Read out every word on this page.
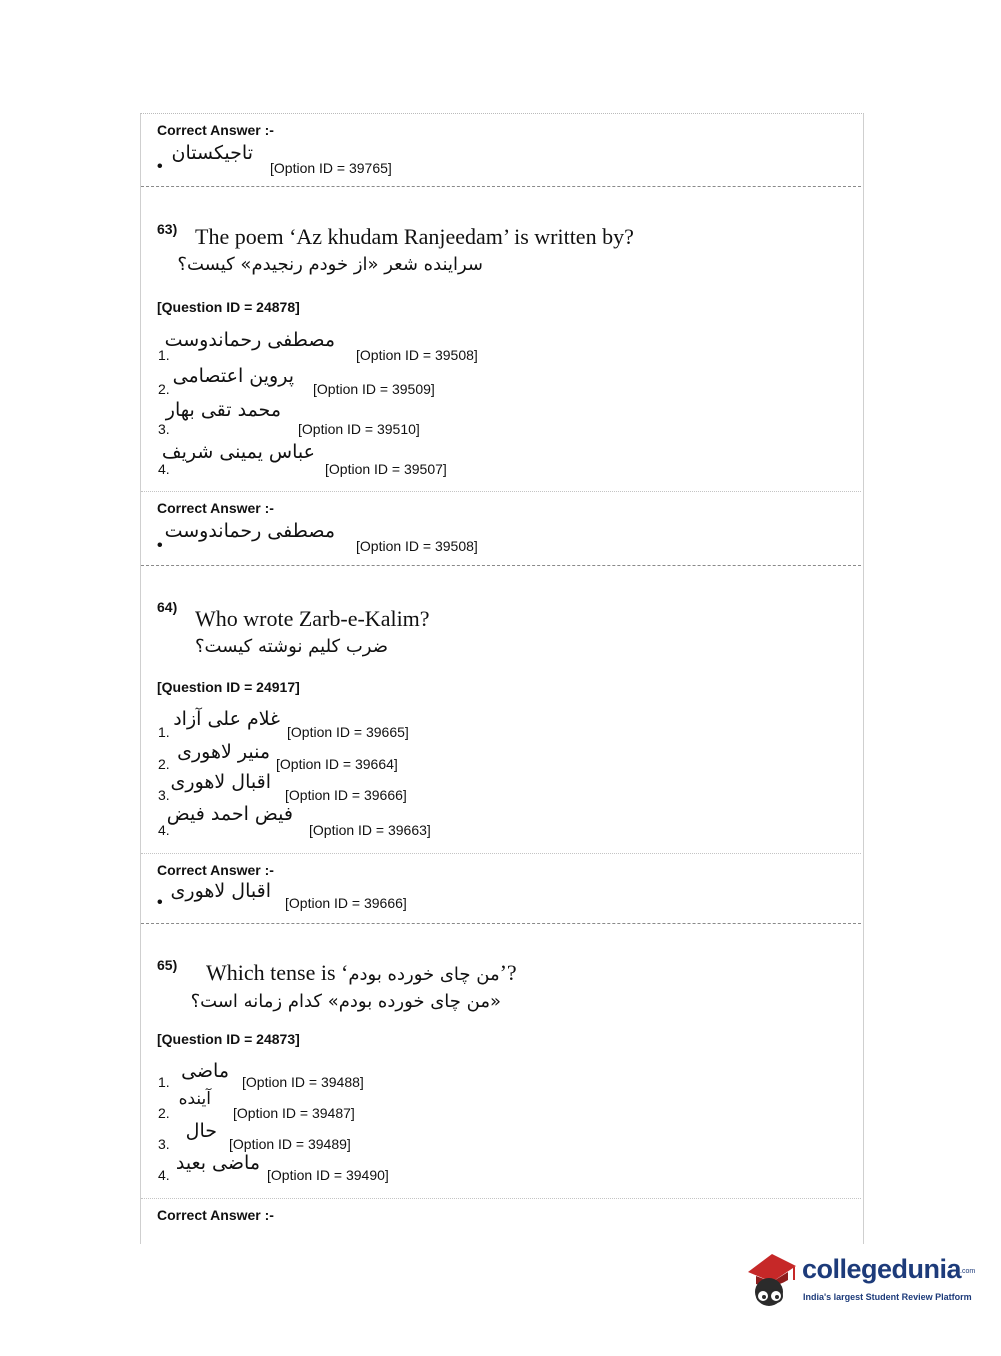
Correct Answer :-
•
تاجیکستان
[Option ID = 39765]
63) The poem ‘Az khudam Ranjeedam’ is written by?
سراینده شعر «از خودم رنجیدم» کیست؟
[Question ID = 24878]
1.
مصطفی رحماندوست
[Option ID = 39508]
2.
پروین اعتصامی
[Option ID = 39509]
3.
محمد تقی بهار
[Option ID = 39510]
4.
عباس یمینی شریف
[Option ID = 39507]
Correct Answer :-
•
مصطفی رحماندوست
[Option ID = 39508]
64) Who wrote Zarb-e-Kalim?
ضرب کلیم نوشته کیست؟
[Question ID = 24917]
1.
غلام علی آزاد
[Option ID = 39665]
2.
منیر لاهوری
[Option ID = 39664]
3.
اقبال لاهوری
[Option ID = 39666]
4.
فیض احمد فیض
[Option ID = 39663]
Correct Answer :-
•
اقبال لاهوری
[Option ID = 39666]
65) Which tense is ‘من چای خورده بودم’?
«من چای خورده بودم» کدام زمانه است؟
[Question ID = 24873]
1. ماضی [Option ID = 39488]
2.
آینده
[Option ID = 39487]
3.
حال
[Option ID = 39489]
4.
ماضی بعید
[Option ID = 39490]
Correct Answer :-
collegedunia
.com
India's largest Student Review Platform
